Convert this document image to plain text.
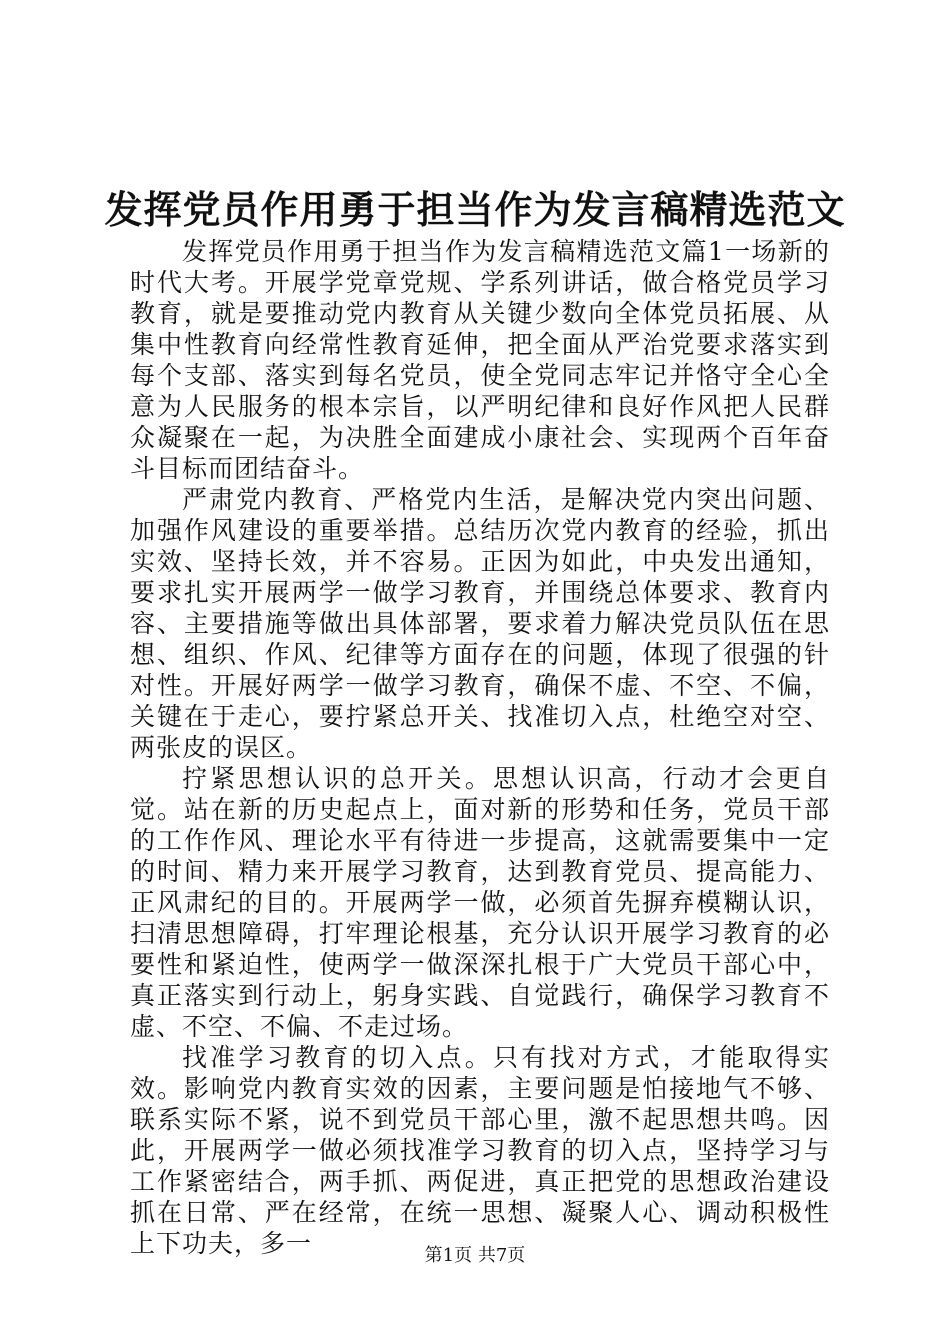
发挥党员作用勇于担当作为发言稿精选范文

发挥党员作用勇于担当作为发言稿精选范文篇1一场新的时代大考。开展学党章党规、学系列讲话，做合格党员学习教育，就是要推动党内教育从关键少数向全体党员拓展、从集中性教育向经常性教育延伸，把全面从严治党要求落实到每个支部、落实到每名党员，使全党同志牢记并恪守全心全意为人民服务的根本宗旨，以严明纪律和良好作风把人民群众凝聚在一起，为决胜全面建成小康社会、实现两个百年奋斗目标而团结奋斗。

严肃党内教育、严格党内生活，是解决党内突出问题、加强作风建设的重要举措。总结历次党内教育的经验，抓出实效、坚持长效，并不容易。正因为如此，中央发出通知，要求扎实开展两学一做学习教育，并围绕总体要求、教育内容、主要措施等做出具体部署，要求着力解决党员队伍在思想、组织、作风、纪律等方面存在的问题，体现了很强的针对性。开展好两学一做学习教育，确保不虚、不空、不偏，关键在于走心，要拧紧总开关、找准切入点，杜绝空对空、两张皮的误区。

拧紧思想认识的总开关。思想认识高，行动才会更自觉。站在新的历史起点上，面对新的形势和任务，党员干部的工作作风、理论水平有待进一步提高，这就需要集中一定的时间、精力来开展学习教育，达到教育党员、提高能力、正风肃纪的目的。开展两学一做，必须首先摒弃模糊认识，扫清思想障碍，打牢理论根基，充分认识开展学习教育的必要性和紧迫性，使两学一做深深扎根于广大党员干部心中，真正落实到行动上，躬身实践、自觉践行，确保学习教育不虚、不空、不偏、不走过场。

找准学习教育的切入点。只有找对方式，才能取得实效。影响党内教育实效的因素，主要问题是怕接地气不够、联系实际不紧，说不到党员干部心里，激不起思想共鸣。因此，开展两学一做必须找准学习教育的切入点，坚持学习与工作紧密结合，两手抓、两促进，真正把党的思想政治建设抓在日常、严在经常，在统一思想、凝聚人心、调动积极性上下功夫，多一	第1页 共7页
